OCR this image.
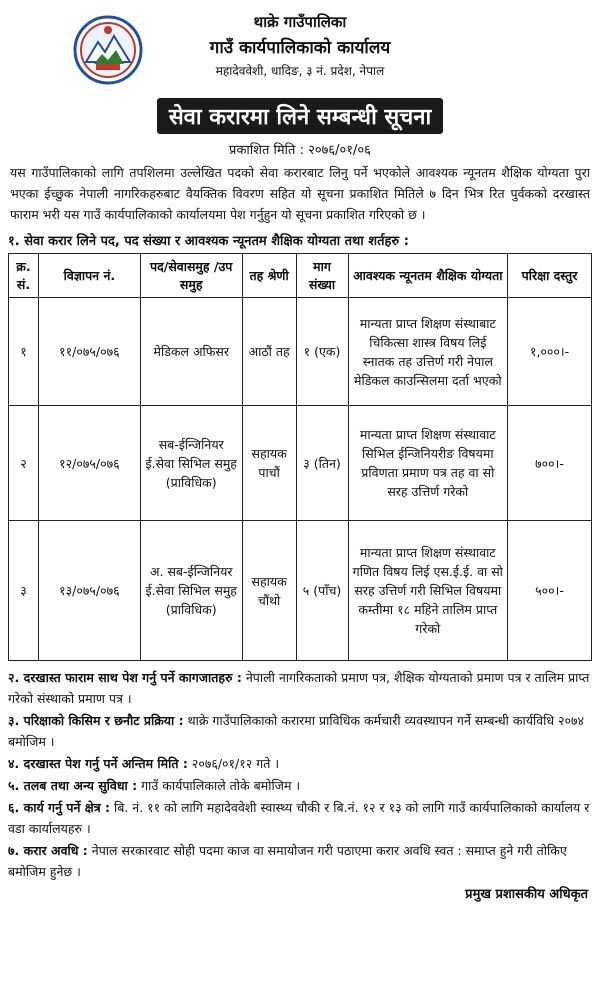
थाक्रे गाउँपालिका
गाउँ कार्यपालिकाको कार्यालय
महादेववेशी, धादिङ, ३ नं. प्रदेश, नेपाल
सेवा करारमा लिने सम्बन्धी सूचना
प्रकाशित मिति : २०७६/०१/०६

यस गाउँपालिकाको लागि तपशिलमा उल्लेखित पदको सेवा करारबाट लिनु पर्ने भएकोले आवश्यक न्यूनतम शैक्षिक योग्यता पुरा भएका ईच्छुक नेपाली नागरिकहरुबाट वैयक्तिक विवरण सहित यो सूचना प्रकाशित मितिले ७ दिन भित्र रित पुर्वकको दरखास्त फाराम भरी यस गाउँ कार्यपालिकाको कार्यालयमा पेश गर्नुहुन यो सूचना प्रकाशित गरिएको छ ।

१. सेवा करार लिने पद, पद संख्या र आवश्यक न्यूनतम शैक्षिक योग्यता तथा शर्तहरु :
क्र. सं.	विज्ञापन नं.	पद/सेवासमुह /उप समुह	तह श्रेणी	माग संख्या	आवश्यक न्यूनतम शैक्षिक योग्यता	परिक्षा दस्तुर
१	११/०७५/०७६	मेडिकल अफिसर	आठौं तह	१ (एक)	मान्यता प्राप्त शिक्षण संस्थाबाट चिकित्सा शास्त्र विषय लिई स्नातक तह उत्तिर्ण गरी नेपाल मेडिकल काउन्सिलमा दर्ता भएको	१,०००।-
२	१२/०७५/०७६	सब-ईन्जिनियर ई.सेवा सिभिल समुह (प्राविधिक)	सहायक पाचौं	३ (तिन)	मान्यता प्राप्त शिक्षण संस्थावाट सिभिल ईन्जिनियरीङ विषयमा प्रविणता प्रमाण पत्र तह वा सो सरह उत्तिर्ण गरेको	७००।-
३	१३/०७५/०७६	अ. सब-ईन्जिनियर ई.सेवा सिभिल समुह (प्राविधिक)	सहायक चौंथो	५ (पाँच)	मान्यता प्राप्त शिक्षण संस्थावाट गणित विषय लिई एस.ई.ई. वा सो सरह उत्तिर्ण गरी सिभिल विषयमा कम्तीमा १८ महिने तालिम प्राप्त गरेको	५००।-
२. दरखास्त फाराम साथ पेश गर्नु पर्ने कागजातहरु : नेपाली नागरिकताको प्रमाण पत्र, शैक्षिक योग्यताको प्रमाण पत्र र तालिम प्राप्त गरेको संस्थाको प्रमाण पत्र ।
३. परिक्षाको किसिम र छनौट प्रक्रिया : थाक्रे गाउँपालिकाको करारमा प्राविधिक कर्मचारी व्यवस्थापन गर्ने सम्बन्धी कार्यविधि २०७४ बमोजिम ।
४. दरखास्त पेश गर्नु पर्ने अन्तिम मिति : २०७६/०१/१२ गते ।
५. तलब तथा अन्य सुविधा : गाउँ कार्यपालिकाले तोके बमोजिम ।
६. कार्य गर्नु पर्ने क्षेत्र : बि. नं. ११ को लागि महादेववेशी स्वास्थ्य चौकी र बि.नं. १२ र १३ को लागि गाउँ कार्यपालिकाको कार्यालय र वडा कार्यालयहरु ।
७. करार अवधि : नेपाल सरकारवाट सोही पदमा काज वा समायोजन गरी पठाएमा करार अवधि स्वत : समाप्त हुने गरी तोकिए बमोजिम हुनेछ ।
प्रमुख प्रशासकीय अधिकृत
